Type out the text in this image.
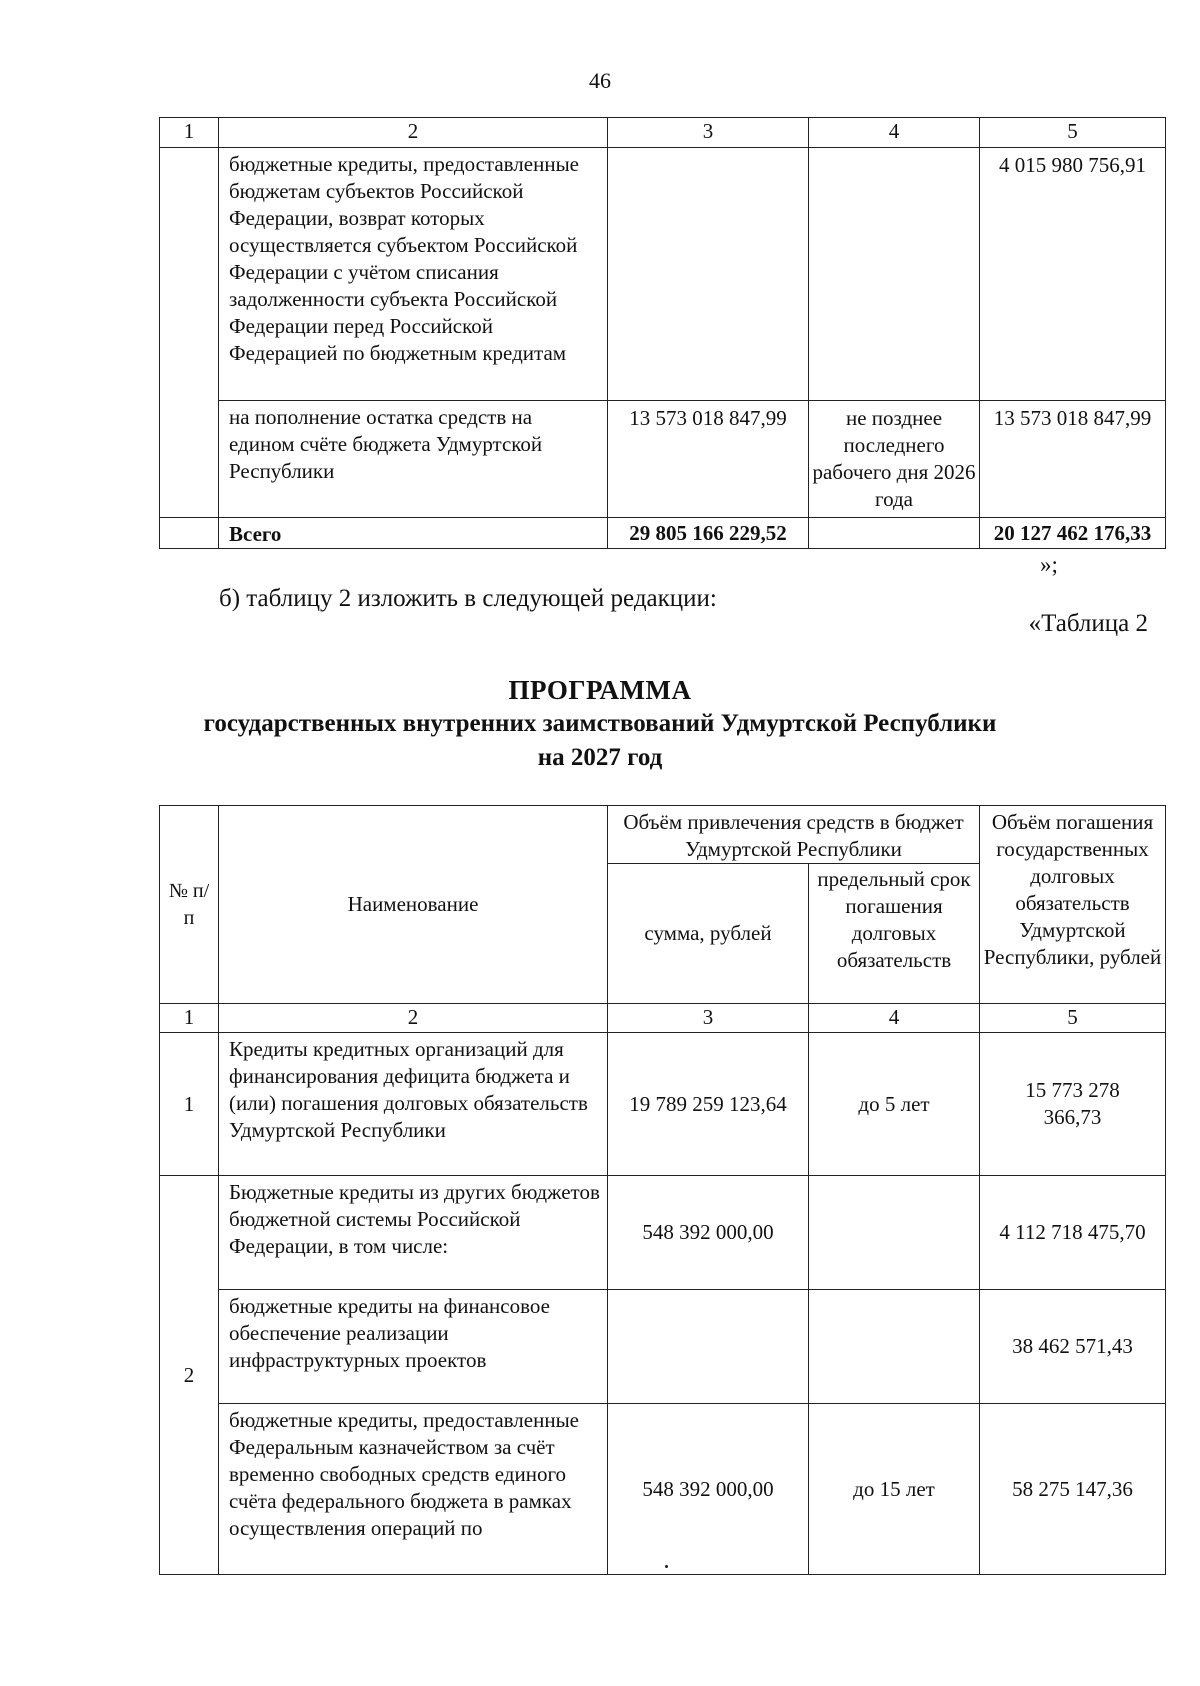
46
1	2	3	4	5
	бюджетные кредиты, предоставленные бюджетам субъектов Российской Федерации, возврат которых осуществляется субъектом Российской Федерации с учётом списания задолженности субъекта Российской Федерации перед Российской Федерацией по бюджетным кредитам			4 015 980 756,91
	на пополнение остатка средств на едином счёте бюджета Удмуртской Республики	13 573 018 847,99	не позднее последнего рабочего дня 2026 года	13 573 018 847,99
	Всего	29 805 166 229,52		20 127 462 176,33
»;
б) таблицу 2 изложить в следующей редакции:
«Таблица 2
ПРОГРАММА
государственных внутренних заимствований Удмуртской Республики
на 2027 год
№ п/п	Наименование	Объём привлечения средств в бюджет Удмуртской Республики		Объём погашения государственных долговых обязательств Удмуртской Республики, рублей
		сумма, рублей	предельный срок погашения долговых обязательств	
1	2	3	4	5
1	Кредиты кредитных организаций для финансирования дефицита бюджета и (или) погашения долговых обязательств Удмуртской Республики	19 789 259 123,64	до 5 лет	15 773 278 366,73
2	Бюджетные кредиты из других бюджетов бюджетной системы Российской Федерации, в том числе:	548 392 000,00		4 112 718 475,70
	бюджетные кредиты на финансовое обеспечение реализации инфраструктурных проектов			38 462 571,43
	бюджетные кредиты, предоставленные Федеральным казначейством за счёт временно свободных средств единого счёта федерального бюджета в рамках осуществления операций по	548 392 000,00	до 15 лет	58 275 147,36
